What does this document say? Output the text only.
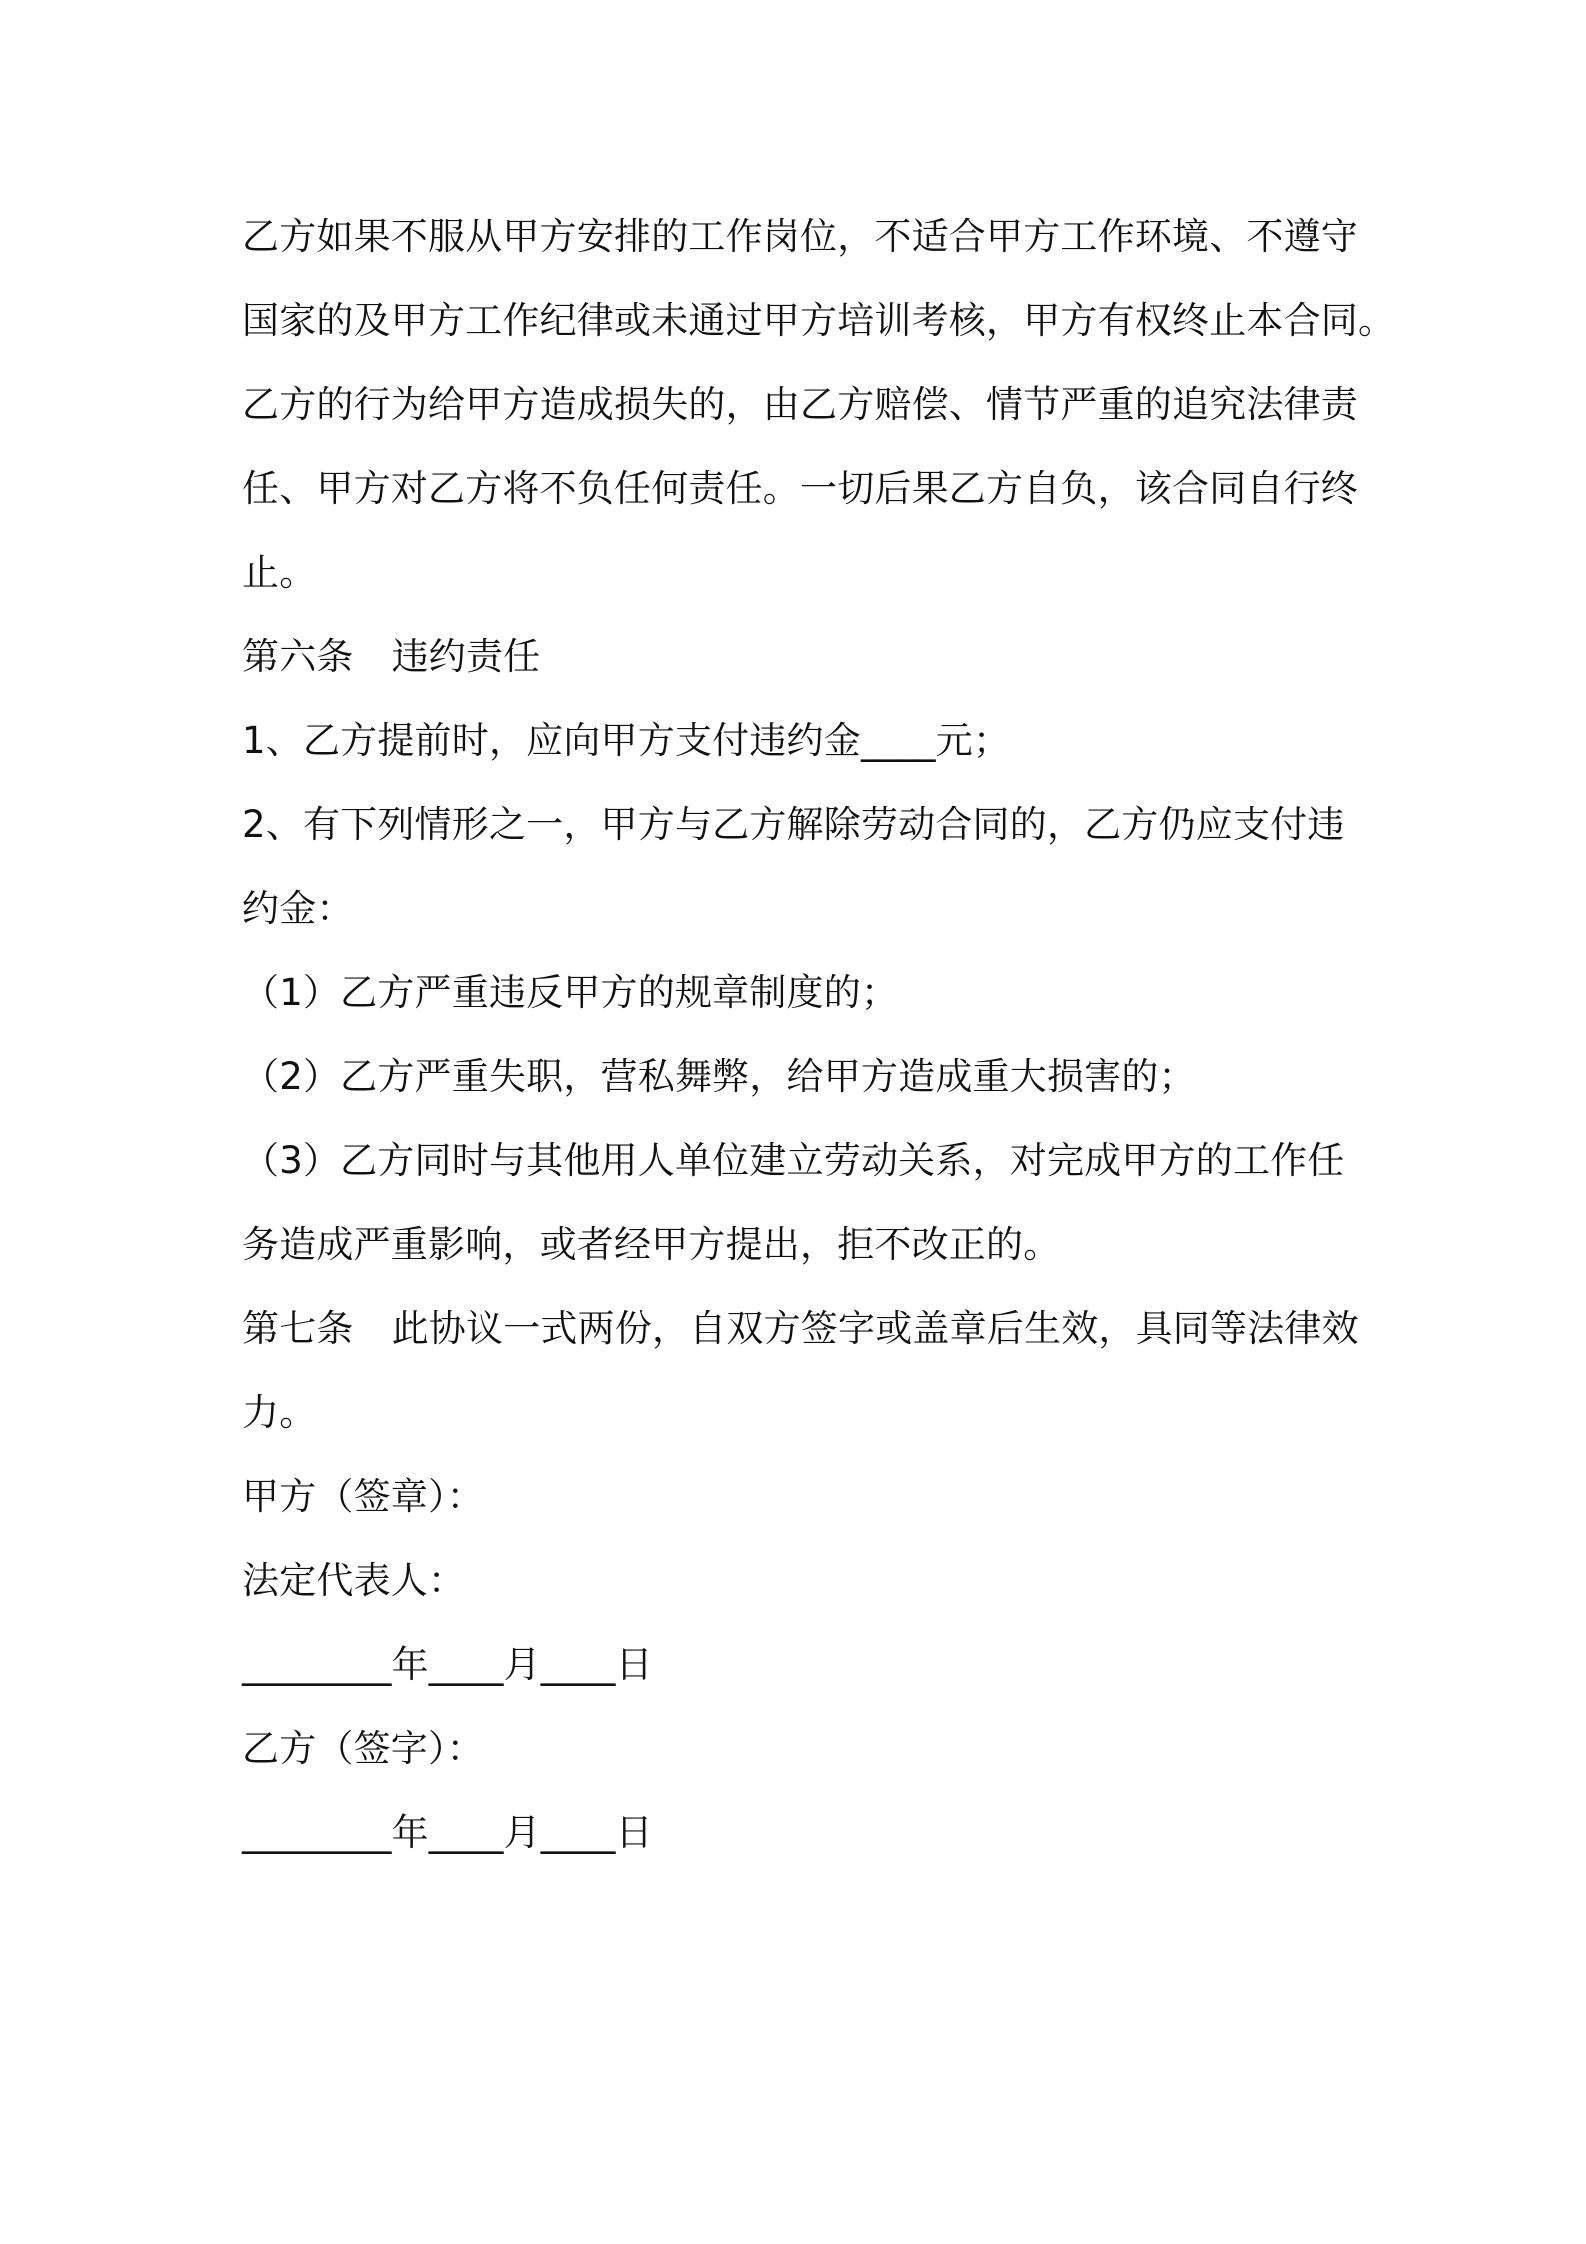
乙方如果不服从甲方安排的工作岗位，不适合甲方工作环境、不遵守
国家的及甲方工作纪律或未通过甲方培训考核，甲方有权终止本合同。
乙方的行为给甲方造成损失的，由乙方赔偿、情节严重的追究法律责
任、甲方对乙方将不负任何责任。一切后果乙方自负，该合同自行终
止。
第六条 违约责任
1、乙方提前时，应向甲方支付违约金____元；
2、有下列情形之一，甲方与乙方解除劳动合同的，乙方仍应支付违
约金：
（1）乙方严重违反甲方的规章制度的；
（2）乙方严重失职，营私舞弊，给甲方造成重大损害的；
（3）乙方同时与其他用人单位建立劳动关系，对完成甲方的工作任
务造成严重影响，或者经甲方提出，拒不改正的。
第七条 此协议一式两份，自双方签字或盖章后生效，具同等法律效
力。
甲方（签章）：
法定代表人：
________年____月____日
乙方（签字）：
________年____月____日
